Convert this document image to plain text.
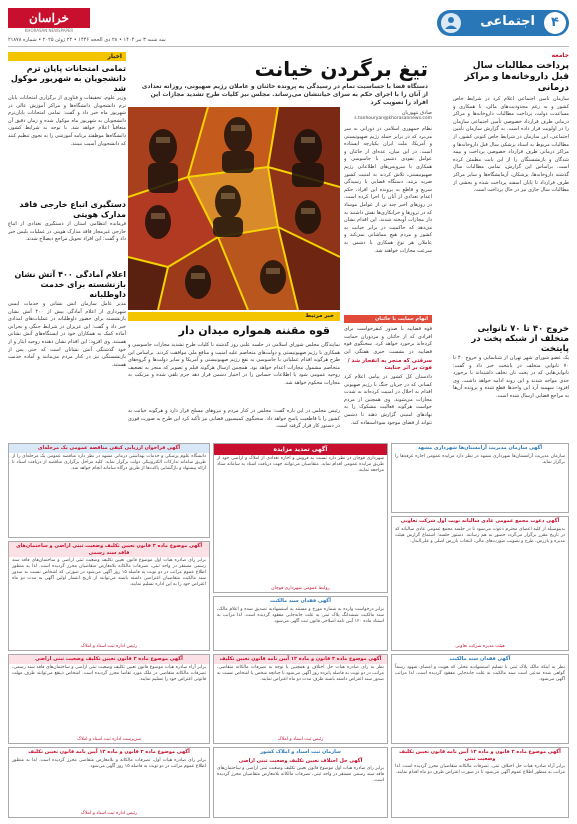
۴
اجتماعی
خراسان
KHORASAN NEWSPAPER
سه شنبه ۳ تیر ۱۴۰۴ • ۲۸ ذی الحجه ۱۴۴۶ • ۲۴ ژوئن ۲۰۲۵ • شماره ۲۱۸۷۸
جامعه
پرداخت مطالبات سال قبل داروخانه‌ها و مراکز درمانی
سازمان تأمین اجتماعی اعلام کرد در شرایط خاص کشور و به رغم محدودیت‌های مالی، با همکاری و مساعدت دولت، پرداخت مطالبات داروخانه‌ها و مراکز درمانی طرف قرارداد خصوصی تأمین اجتماعی سازمان را در اولویت قرار داده است. به گزارش سازمان تأمین اجتماعی، این سازمان در شرایط خاص کنونی کشور، از مطالبات مربوط به اسناد پزشکی سال قبل داروخانه‌ها و مراکز درمانی طرف قرارداد خصوصی پرداخت و بیمه شدگان و بازنشستگان را از این بابت مطمئن کرده است. براساس این گزارش، تمامی مطالبات سال گذشته داروخانه‌ها، پزشکان، آزمایشگاه‌ها و سایر مراکز طرف قرارداد تا پایان اسفند پرداخت شده و بخشی از مطالبات سال جاری نیز در حال پرداخت است.
خروج ۴۰ تا ۷۰ تانوایی متخلف از شبکه پخت در پایتخت
یک عضو شورای شهر تهران از شناسایی و خروج ۴۰ تا ۷۰ نانوایی متخلف در پایتخت خبر داد و گفت: نانوایی‌هایی که در پخت نان تخلف داشته‌اند با برخورد جدی مواجه شدند و این روند ادامه خواهد داشت. وی افزود: سهمیه آرد این واحدها قطع شده و پرونده آن‌ها به مراجع قضایی ارسال شده است.
تیغ برگردن خیانت

دستگاه قضا با حساسیت تمام در رسیدگی به پرونده خائنان و عاملان رژیم صهیونی، روزانه تعدادی از آنان را با اجرای حکم به سزای خیانتشان می‌رساند. مجلس نیز کلیات طرح تشدید مجازات این افراد را تصویب کرد

صادق تنهوریان
s.tanhouryan@khorasannews.com
نظام جمهوری اسلامی در دورانی به سر می‌برد که در برابر حمله رژیم صهیونیستی و آمریکا، ملت ایران یکپارچه ایستاده است. در این میان، عده‌ای از خائنان و عوامل نفوذی دشمن با جاسوسی و همکاری با سرویس‌های اطلاعاتی رژیم صهیونیستی، تلاش کردند به امنیت کشور ضربه بزنند. دستگاه قضایی با رسیدگی سریع و قاطع به پرونده این افراد، حکم اعدام تعدادی از آنان را اجرا کرده است. در روزهای اخیر چند تن از عوامل موساد که در ترورها و خرابکاری‌ها نقش داشتند به دار مجازات آویخته شدند. این اقدام نشان می‌دهد که حاکمیت در برابر خیانت به کشور و مردم هیچ مماشاتی نمی‌کند و عاملان هر نوع همکاری با دشمن به سرعت مجازات خواهند شد.
خبر مرتبط
قوه مقننه همواره میدان دار
نمایندگان مجلس شورای اسلامی در جلسه علنی روز گذشته با کلیات طرح تشدید مجازات جاسوسی و همکاری با رژیم صهیونیستی و دولت‌های متخاصم علیه امنیت و منافع ملی موافقت کردند. براساس این طرح هرگونه اقدام عملیاتی یا جاسوسی به نفع رژیم صهیونیستی و آمریکا و سایر دولت‌ها و گروه‌های متخاصم مشمول مجازات اعدام خواهد بود. همچنین ارسال هرگونه فیلم و تصویر که منجر به تضعیف روحیه عمومی شود یا اطلاعات حساس را در اختیار دشمن قرار دهد جرم تلقی شده و مرتکب به مجازات محکوم خواهد شد.
رئیس مجلس در این باره گفت: مجلس در کنار مردم و نیروهای مسلح قرار دارد و هرگونه خیانت به کشور را با قاطعیت پاسخ خواهد داد. سخنگوی کمیسیون قضایی نیز تأکید کرد این طرح به صورت فوری در دستور کار قرار گرفته است.
اتهام حمایت با خائنان
قوه قضاییه با صدور کیفرخواست برای افرادی که از خائنان و مزدوران حمایت کرده‌اند برخورد خواهد کرد. سخنگوی قوه قضاییه در نشست خبری هفتگی این
سرقتی که منجر به انفجار شد / فوت بر اثر جنایت
دادستان کل کشور در پیامی اعلام کرد کسانی که در جریان جنگ با رژیم صهیونی اقدام به اخلال در امنیت کرده‌اند به شدت مجازات می‌شوند. وی همچنین از مردم خواست هرگونه فعالیت مشکوک را به نهادهای امنیتی گزارش دهند تا دشمن نتواند از فضای موجود سوءاستفاده کند.
اخبار
تمامی امتحانات پایان ترم دانشجویان به شهریور موکول شد
وزیر علوم، تحقیقات و فناوری از برگزاری امتحانات پایان ترم دانشجویان دانشگاه‌ها و مراکز آموزش عالی در شهریور ماه خبر داد و گفت: تمامی امتحانات پایان‌ترم دانشجویان به شهریور ماه موکول شده و زمان دقیق آن متعاقباً اعلام خواهد شد. با توجه به شرایط کشور، دانشگاه‌ها موظفند برنامه آموزشی را به نحوی تنظیم کنند که دانشجویان آسیب نبینند.
دستگیری اتباع خارجی فاقد مدارک هویتی
فرمانده انتظامی استان از دستگیری تعدادی از اتباع خارجی غیرمجاز فاقد مدارک هویتی در عملیات پلیس خبر داد و گفت: این افراد تحویل مراجع ذیصلاح شدند.
اعلام آمادگی ۴۰۰ آتش نشان بازنشسته برای خدمت داوطلبانه
مدیر عامل سازمان آتش نشانی و خدمات ایمنی شهرداری از اعلام آمادگی بیش از ۴۰۰ آتش نشان بازنشسته برای حضور داوطلبانه در عملیات‌های امدادی خبر داد و گفت: این عزیزان در شرایط جنگی و بحرانی آماده کمک به همکاران خود در ایستگاه‌های آتش نشانی هستند. وی افزود: این اقدام نشان دهنده روحیه ایثار و از خود گذشتگی آتش نشانان است که حتی پس از بازنشستگی نیز در کنار مردم می‌مانند و آماده خدمت هستند.
آگهی فراخوان ارزیابی کیفی مناقصه عمومی یک مرحله‌ای
دانشگاه علوم پزشکی و خدمات بهداشتی درمانی مشهد در نظر دارد مناقصه عمومی یک مرحله‌ای را از طریق سامانه تدارکات الکترونیکی دولت برگزار نماید. کلیه مراحل برگزاری مناقصه از دریافت اسناد تا ارائه پیشنهاد و بازگشایی پاکت‌ها از طریق درگاه سامانه انجام خواهد شد.
آگهی تمدید مزایده
شهرداری قوچان در نظر دارد نسبت به فروش و اجاره تعدادی از املاک و اراضی خود از طریق مزایده عمومی اقدام نماید. متقاضیان می‌توانند جهت دریافت اسناد به سامانه ستاد مراجعه نمایند.
روابط عمومی شهرداری قوچان
آگهی سازمان مدیریت آرامستان‌ها شهرداری مشهد
سازمان مدیریت آرامستان‌ها شهرداری مشهد در نظر دارد مزایده عمومی اجاره غرفه‌ها را برگزار نماید.
آگهی موضوع ماده ۳ قانون تعیین تکلیف وضعیت ثبتی اراضی و ساختمان‌های فاقد سند رسمی
برابر رای صادره هیات اول موضوع قانون تعیین تکلیف وضعیت ثبتی اراضی و ساختمان‌های فاقد سند رسمی مستقر در واحد ثبتی، تصرفات مالکانه بلامعارض متقاضیان محرز گردیده است. لذا به منظور اطلاع عموم مراتب در دو نوبت به فاصله ۱۵ روز آگهی می‌شود در صورتی که اشخاص نسبت به صدور سند مالکیت متقاضیان اعتراضی داشته باشند می‌توانند از تاریخ انتشار اولین آگهی به مدت دو ماه اعتراض خود را به این اداره تسلیم نمایند.
رئیس اداره ثبت اسناد و املاک
آگهی دعوت مجمع عمومی عادی سالیانه نوبت اول شرکت تعاونی
بدینوسیله از کلیه اعضای محترم دعوت می‌شود تا در جلسه مجمع عمومی عادی سالیانه که در تاریخ مقرر برگزار می‌گردد حضور به هم رسانند. دستور جلسه: استماع گزارش هیئت مدیره و بازرس، طرح و تصویب صورت‌های مالی، انتخاب بازرس اصلی و علی‌البدل.
هیئت مدیره شرکت تعاونی
آگهی فقدان سند مالکیت
برابر درخواست وارده به شماره مورخ و مستند به استشهادیه تصدیق شده و اعلام مالک، سند مالکیت ششدانگ پلاک ثبتی به علت جابه‌جایی مفقود گردیده است. لذا مراتب به استناد ماده ۱۲۰ آیین نامه اصلاحی قانون ثبت آگهی می‌شود.
آگهی موضوع ماده ۳ قانون تعیین تکلیف وضعیت ثبتی اراضی
برابر آراء صادره هیات موضوع قانون تعیین تکلیف وضعیت ثبتی اراضی و ساختمان‌های فاقد سند رسمی، تصرفات مالکانه متقاضی در ملک مورد تقاضا محرز گردیده است. اشخاص ذینفع می‌توانند ظرف مهلت قانونی اعتراض خود را تسلیم نمایند.
سرپرست اداره ثبت اسناد و املاک
آگهی موضوع ماده ۳ قانون و ماده ۱۳ آیین نامه قانون تعیین تکلیف
نظر به رای صادره هیات حل اختلاف و همچنین با توجه به تصرفات مالکانه متقاضی، مراتب در دو نوبت به فاصله پانزده روز آگهی می‌شود تا چنانچه شخص یا اشخاص نسبت به صدور سند اعتراض داشته باشند ظرف مدت دو ماه اعتراض نمایند.
رئیس ثبت اسناد و املاک
آگهی فقدان سند مالکیت
نظر به اینکه مالک پلاک ثبتی با تسلیم استشهادیه محلی که هویت و امضای شهود رسماً گواهی شده مدعی است سند مالکیت به علت جابه‌جایی مفقود گردیده است، لذا مراتب آگهی می‌شود.
آگهی موضوع ماده ۳ قانون و ماده ۱۳ آیین نامه قانون تعیین تکلیف
برابر رای صادره هیات اول، تصرفات مالکانه و بلامعارض متقاضی محرز گردیده است. لذا به منظور اطلاع عموم مراتب در دو نوبت به فاصله ۱۵ روز آگهی می‌شود.
رئیس اداره ثبت اسناد و املاک
سازمان ثبت اسناد و املاک کشور
آگهی حل اختلاف تعیین تکلیف وضعیت ثبتی اراضی
برابر رای صادره هیات اول موضوع قانون تعیین تکلیف وضعیت ثبتی اراضی و ساختمان‌های فاقد سند رسمی مستقر در واحد ثبتی، تصرفات مالکانه بلامعارض متقاضیان محرز گردیده است.
آگهی موضوع ماده ۳ قانون و ماده ۱۳ آیین نامه قانون تعیین تکلیف وضعیت ثبتی
برابر آراء صادره هیات حل اختلاف ثبتی، تصرفات مالکانه متقاضیان محرز گردیده است. لذا مراتب به منظور اطلاع عموم آگهی می‌شود تا در صورت اعتراض ظرف دو ماه اقدام نمایند.
